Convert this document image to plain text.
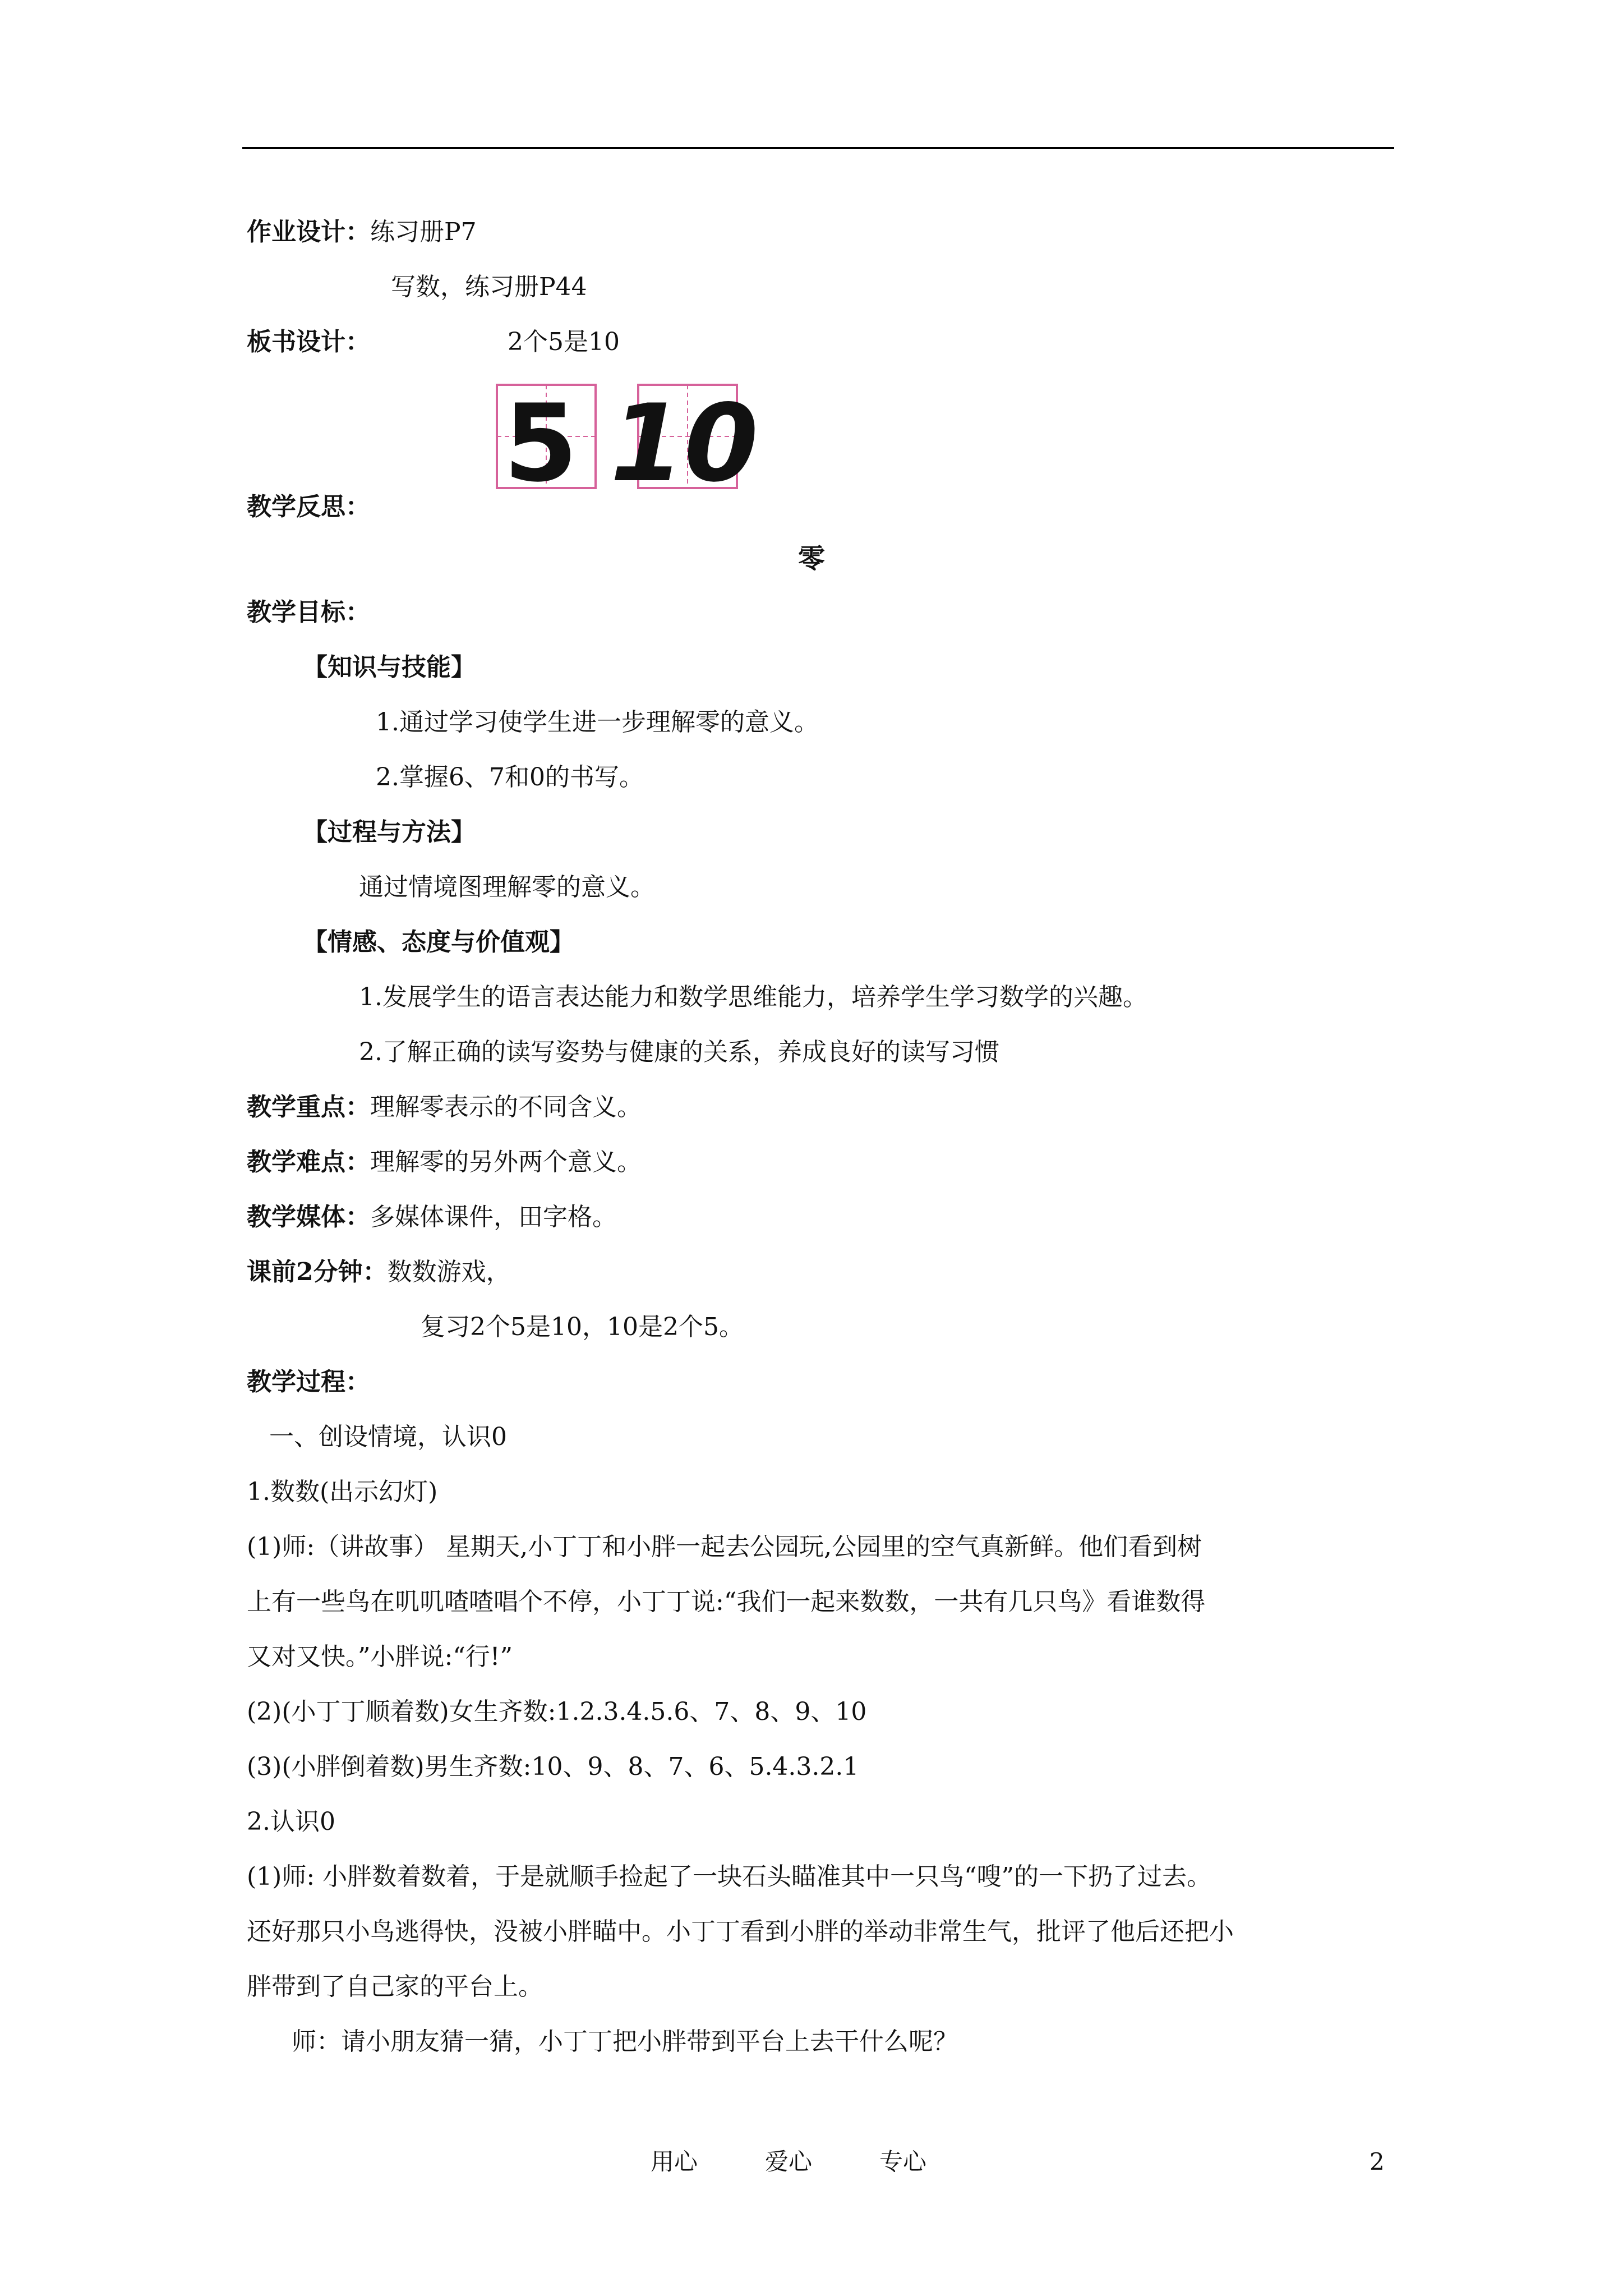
作业设计：练习册P7
写数，练习册P44
板书设计：	2个5是10
5 10
教学反思：
零
教学目标：
【知识与技能】
1.通过学习使学生进一步理解零的意义。
2.掌握6、7和0的书写。
【过程与方法】
通过情境图理解零的意义。
【情感、态度与价值观】
1.发展学生的语言表达能力和数学思维能力，培养学生学习数学的兴趣。
2.了解正确的读写姿势与健康的关系，养成良好的读写习惯
教学重点：理解零表示的不同含义。
教学难点：理解零的另外两个意义。
教学媒体：多媒体课件，田字格。
课前2分钟：数数游戏，
复习2个5是10，10是2个5。
教学过程：
一、创设情境，认识0
1.数数(出示幻灯)
(1)师:（讲故事） 星期天,小丁丁和小胖一起去公园玩,公园里的空气真新鲜。他们看到树
上有一些鸟在叽叽喳喳唱个不停，小丁丁说:“我们一起来数数，一共有几只鸟》看谁数得
又对又快。”小胖说:“行!”
(2)(小丁丁顺着数)女生齐数:1.2.3.4.5.6、7、8、9、10
(3)(小胖倒着数)男生齐数:10、9、8、7、6、5.4.3.2.1
2.认识0
(1)师: 小胖数着数着，于是就顺手捡起了一块石头瞄准其中一只鸟“嗖”的一下扔了过去。
还好那只小鸟逃得快，没被小胖瞄中。小丁丁看到小胖的举动非常生气，批评了他后还把小
胖带到了自己家的平台上。
师：请小朋友猜一猜，小丁丁把小胖带到平台上去干什么呢？
用心	爱心	专心	2
